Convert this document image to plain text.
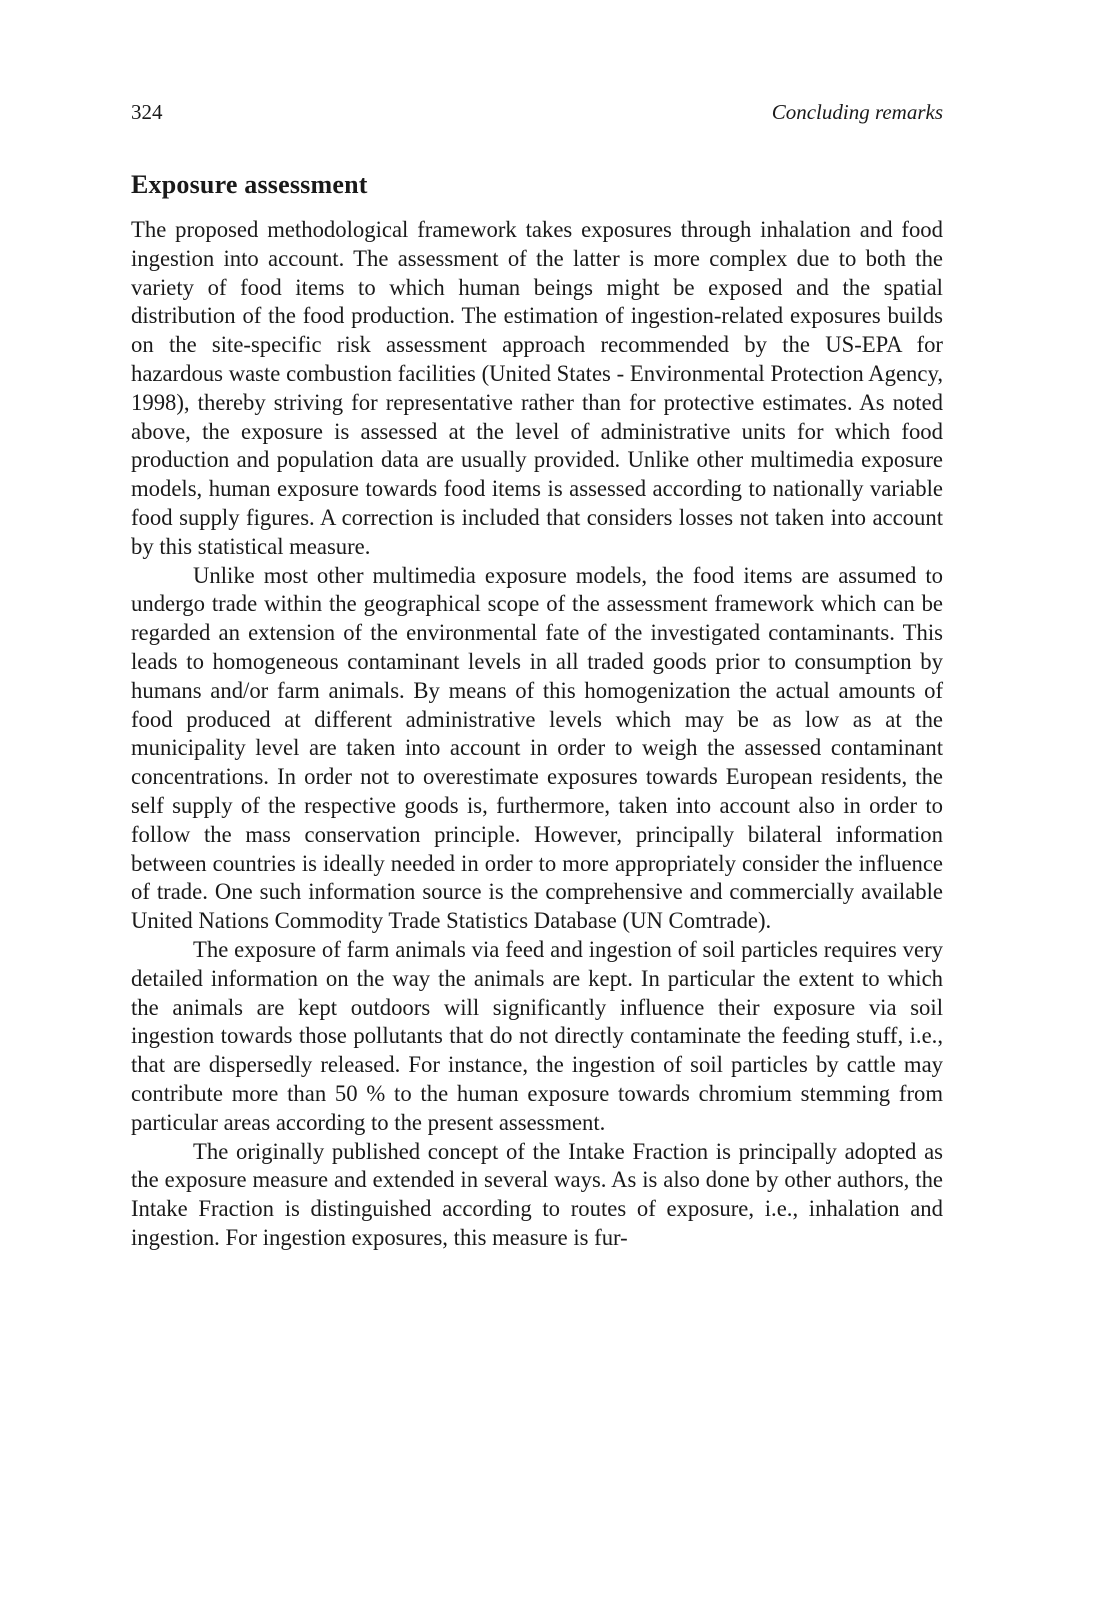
324	Concluding remarks
Exposure assessment

The proposed methodological framework takes exposures through inhalation and food ingestion into account. The assessment of the latter is more complex due to both the variety of food items to which human beings might be exposed and the spatial distribution of the food production. The estimation of ingestion-related exposures builds on the site-specific risk assessment approach recommended by the US-EPA for hazardous waste combustion facilities (United States - Environmental Protection Agency, 1998), thereby striving for representative rather than for protective estimates. As noted above, the exposure is assessed at the level of administrative units for which food production and population data are usually provided. Unlike other multimedia exposure models, human exposure towards food items is assessed according to nationally variable food supply figures. A correction is included that considers losses not taken into account by this statistical measure.

Unlike most other multimedia exposure models, the food items are assumed to undergo trade within the geographical scope of the assessment framework which can be regarded an extension of the environmental fate of the investigated contaminants. This leads to homogeneous contaminant levels in all traded goods prior to consumption by humans and/or farm animals. By means of this homogenization the actual amounts of food produced at different administrative levels which may be as low as at the municipality level are taken into account in order to weigh the assessed contaminant concentrations. In order not to overestimate exposures towards European residents, the self supply of the respective goods is, furthermore, taken into account also in order to follow the mass conservation principle. However, principally bilateral information between countries is ideally needed in order to more appropriately consider the influence of trade. One such information source is the comprehensive and commercially available United Nations Commodity Trade Statistics Database (UN Comtrade).

The exposure of farm animals via feed and ingestion of soil particles requires very detailed information on the way the animals are kept. In particular the extent to which the animals are kept outdoors will significantly influence their exposure via soil ingestion towards those pollutants that do not directly contaminate the feeding stuff, i.e., that are dispersedly released. For instance, the ingestion of soil particles by cattle may contribute more than 50 % to the human exposure towards chromium stemming from particular areas according to the present assessment.

The originally published concept of the Intake Fraction is principally adopted as the exposure measure and extended in several ways. As is also done by other authors, the Intake Fraction is distinguished according to routes of exposure, i.e., inhalation and ingestion. For ingestion exposures, this measure is fur-
